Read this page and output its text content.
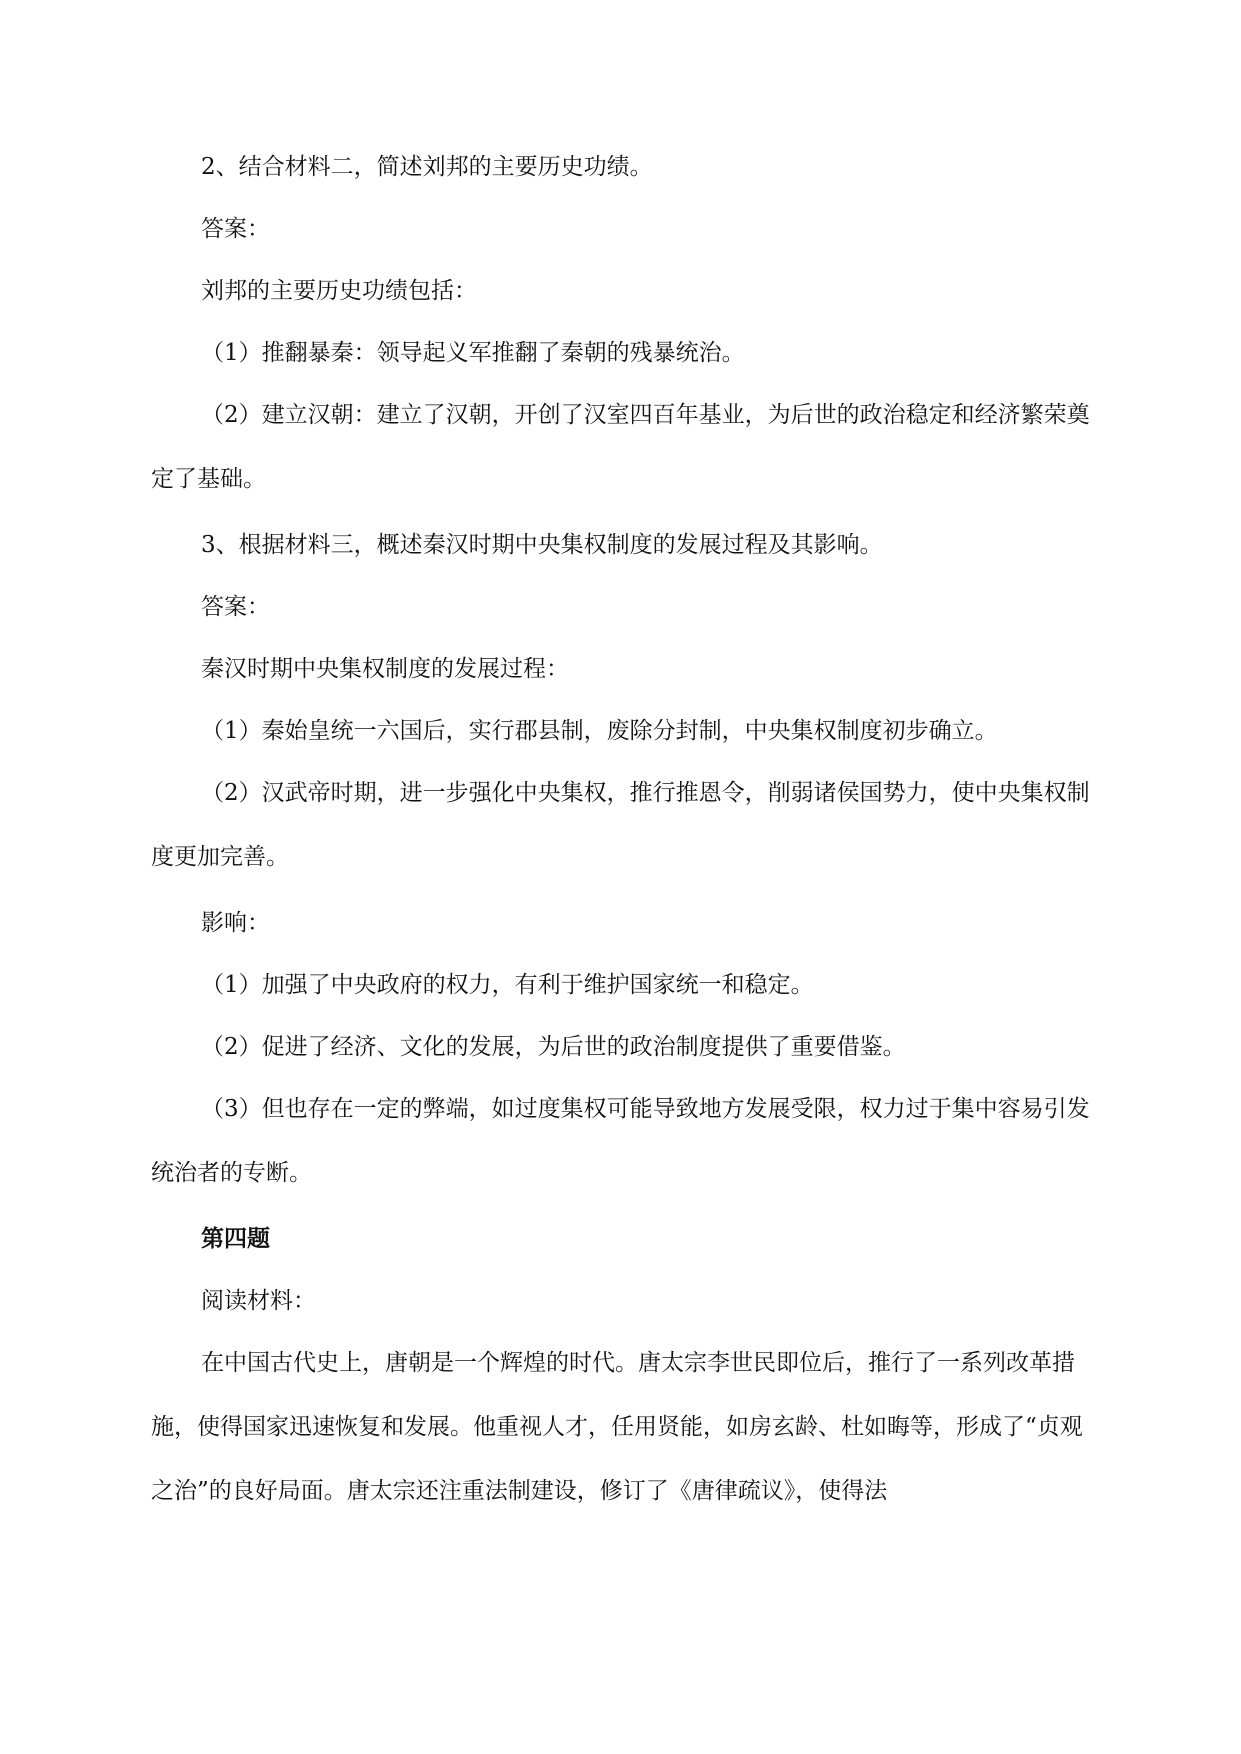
2、结合材料二，简述刘邦的主要历史功绩。

答案：

刘邦的主要历史功绩包括：

（1）推翻暴秦：领导起义军推翻了秦朝的残暴统治。

（2）建立汉朝：建立了汉朝，开创了汉室四百年基业，为后世的政治稳定和经济繁荣奠定了基础。

3、根据材料三，概述秦汉时期中央集权制度的发展过程及其影响。

答案：

秦汉时期中央集权制度的发展过程：

（1）秦始皇统一六国后，实行郡县制，废除分封制，中央集权制度初步确立。

（2）汉武帝时期，进一步强化中央集权，推行推恩令，削弱诸侯国势力，使中央集权制度更加完善。

影响：

（1）加强了中央政府的权力，有利于维护国家统一和稳定。

（2）促进了经济、文化的发展，为后世的政治制度提供了重要借鉴。

（3）但也存在一定的弊端，如过度集权可能导致地方发展受限，权力过于集中容易引发统治者的专断。

第四题

阅读材料：

在中国古代史上，唐朝是一个辉煌的时代。唐太宗李世民即位后，推行了一系列改革措施，使得国家迅速恢复和发展。他重视人才，任用贤能，如房玄龄、杜如晦等，形成了“贞观之治”的良好局面。唐太宗还注重法制建设，修订了《唐律疏议》，使得法
